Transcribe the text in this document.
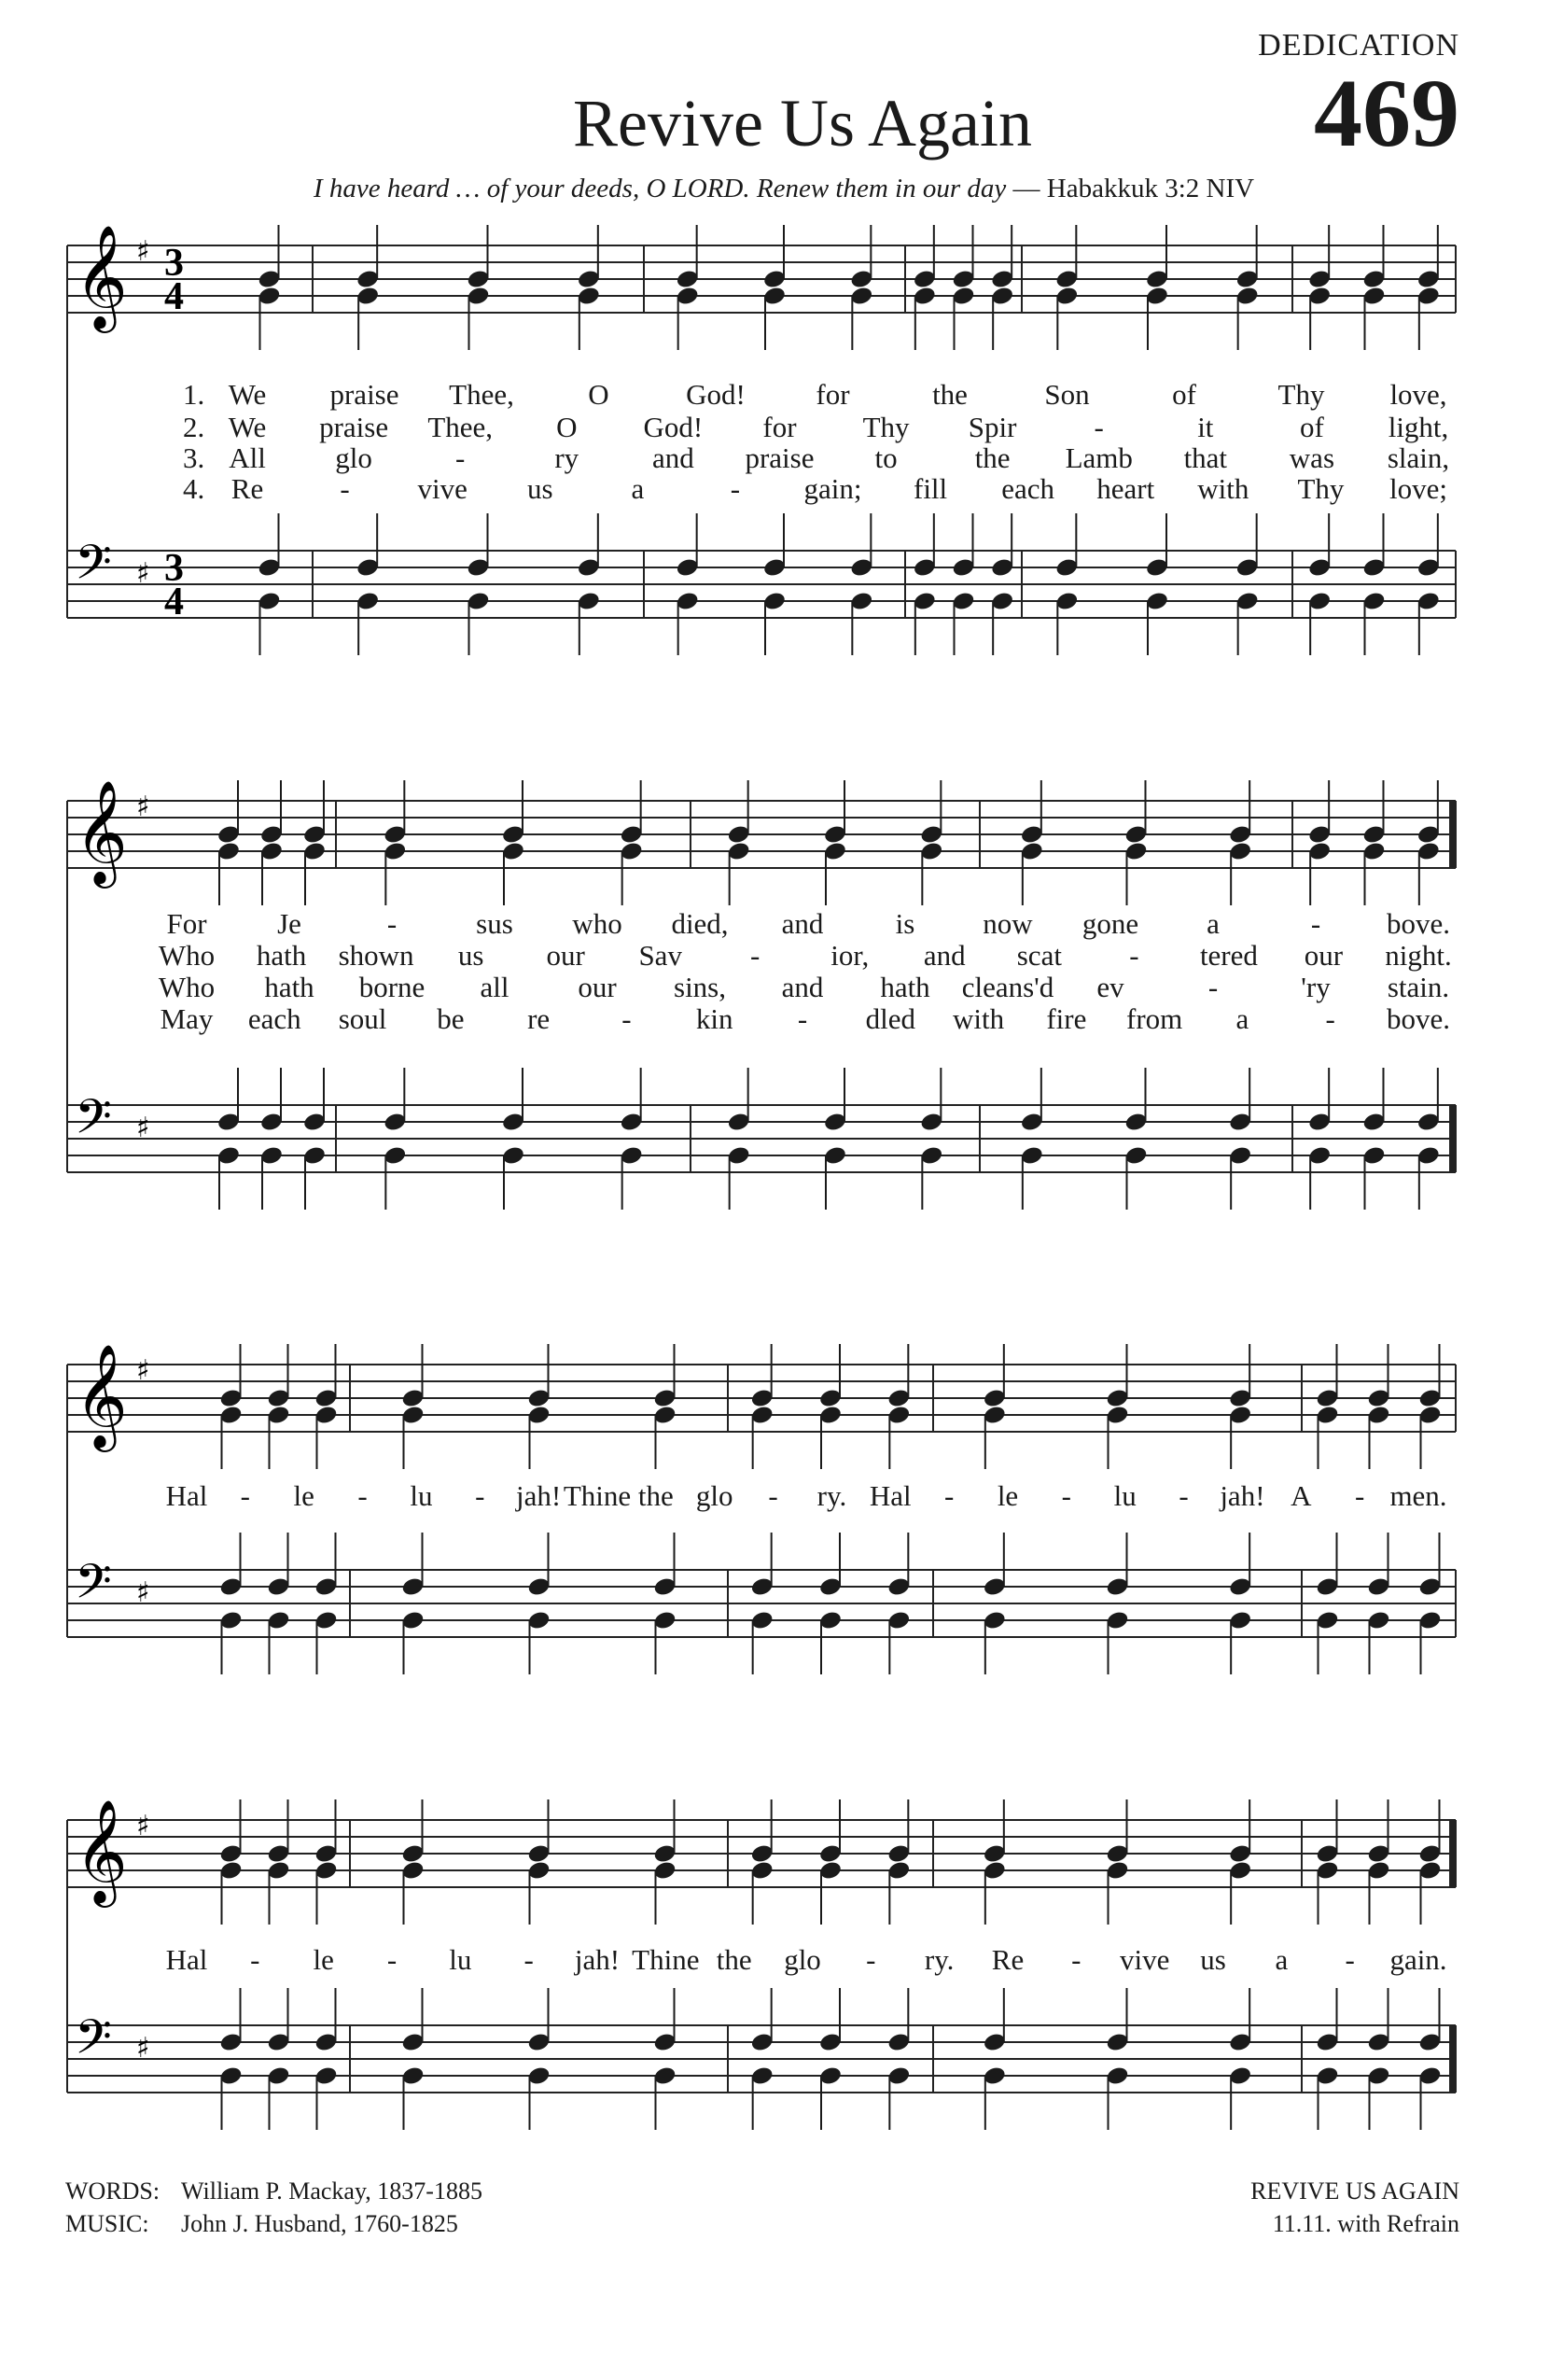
DEDICATION
469
Revive Us Again
I have heard … of your deeds, O LORD. Renew them in our day — Habakkuk 3:2 NIV
𝄞 ♯ 3
4
𝄢 ♯ 3
4
𝄞 ♯
𝄢 ♯
𝄞 ♯
𝄢 ♯
𝄞 ♯
𝄢 ♯
1. We praise Thee,	O	God! for	the	Son	of	Thy love,
2. We praise Thee, O God! for Thy Spir	-	it	of light,
3. All glo	-	ry	and praise to	the Lamb that was slain,
4. Re	- vive us	a	- gain; fill each heart with Thy love;
For Je	-	sus who died, and is now gone a	- bove.
Who hath shown us our Sav - ior, and scat - tered our night.
Who hath borne all our sins, and hath cleans'd ev	-	'ry stain.
May each soul be re - kin - dled with fire from a	- bove.
Hal - le - lu - jah! Thine the glo - ry. Hal - le - lu - jah! A - men.
Hal - le - lu - jah! Thine the glo - ry. Re - vive us a - gain.
WORDS: William P. Mackay, 1837-1885
MUSIC: John J. Husband, 1760-1825
REVIVE US AGAIN
11.11. with Refrain
